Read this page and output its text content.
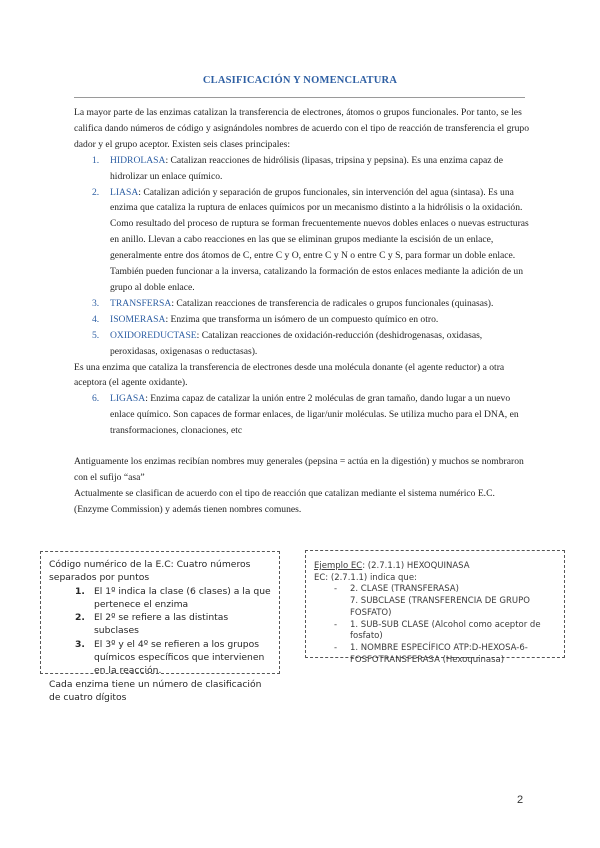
CLASIFICACIÓN Y NOMENCLATURA

La mayor parte de las enzimas catalizan la transferencia de electrones, átomos o grupos funcionales. Por tanto, se les califica dando números de código y asignándoles nombres de acuerdo con el tipo de reacción de transferencia el grupo dador y el grupo aceptor. Existen seis clases principales:

1. HIDROLASA: Catalizan reacciones de hidrólisis (lipasas, tripsina y pepsina). Es una enzima capaz de hidrolizar un enlace químico.
2. LIASA: Catalizan adición y separación de grupos funcionales, sin intervención del agua (sintasa). Es una enzima que cataliza la ruptura de enlaces químicos por un mecanismo distinto a la hidrólisis o la oxidación. Como resultado del proceso de ruptura se forman frecuentemente nuevos dobles enlaces o nuevas estructuras en anillo. Llevan a cabo reacciones en las que se eliminan grupos mediante la escisión de un enlace, generalmente entre dos átomos de C, entre C y O, entre C y N o entre C y S, para formar un doble enlace. También pueden funcionar a la inversa, catalizando la formación de estos enlaces mediante la adición de un grupo al doble enlace.
3. TRANSFERSA: Catalizan reacciones de transferencia de radicales o grupos funcionales (quinasas).
4. ISOMERASA: Enzima que transforma un isómero de un compuesto químico en otro.
5. OXIDOREDUCTASE: Catalizan reacciones de oxidación-reducción (deshidrogenasas, oxidasas, peroxidasas, oxigenasas o reductasas).

Es una enzima que cataliza la transferencia de electrones desde una molécula donante (el agente reductor) a otra aceptora (el agente oxidante).

6. LIGASA: Enzima capaz de catalizar la unión entre 2 moléculas de gran tamaño, dando lugar a un nuevo enlace químico. Son capaces de formar enlaces, de ligar/unir moléculas. Se utiliza mucho para el DNA, en transformaciones, clonaciones, etc

Antiguamente los enzimas recibían nombres muy generales (pepsina = actúa en la digestión) y muchos se nombraron con el sufijo “asa”

Actualmente se clasifican de acuerdo con el tipo de reacción que catalizan mediante el sistema numérico E.C. (Enzyme Commission) y además tienen nombres comunes.

Código numérico de la E.C: Cuatro números separados por puntos
1. El 1º indica la clase (6 clases) a la que pertenece el enzima
2. El 2º se refiere a las distintas subclases
3. El 3º y el 4º se refieren a los grupos químicos específicos que intervienen en la reacción.
Cada enzima tiene un número de clasificación de cuatro dígitos
Ejemplo EC: (2.7.1.1) HEXOQUINASA
EC: (2.7.1.1) indica que:
- 2. CLASE (TRANSFERASA)
7. SUBCLASE (TRANSFERENCIA DE GRUPO FOSFATO)
- 1. SUB-SUB CLASE (Alcohol como aceptor de fosfato)
- 1. NOMBRE ESPECÍFICO ATP:D-HEXOSA-6-FOSFOTRANSFERASA (Hexoquinasa)
2
